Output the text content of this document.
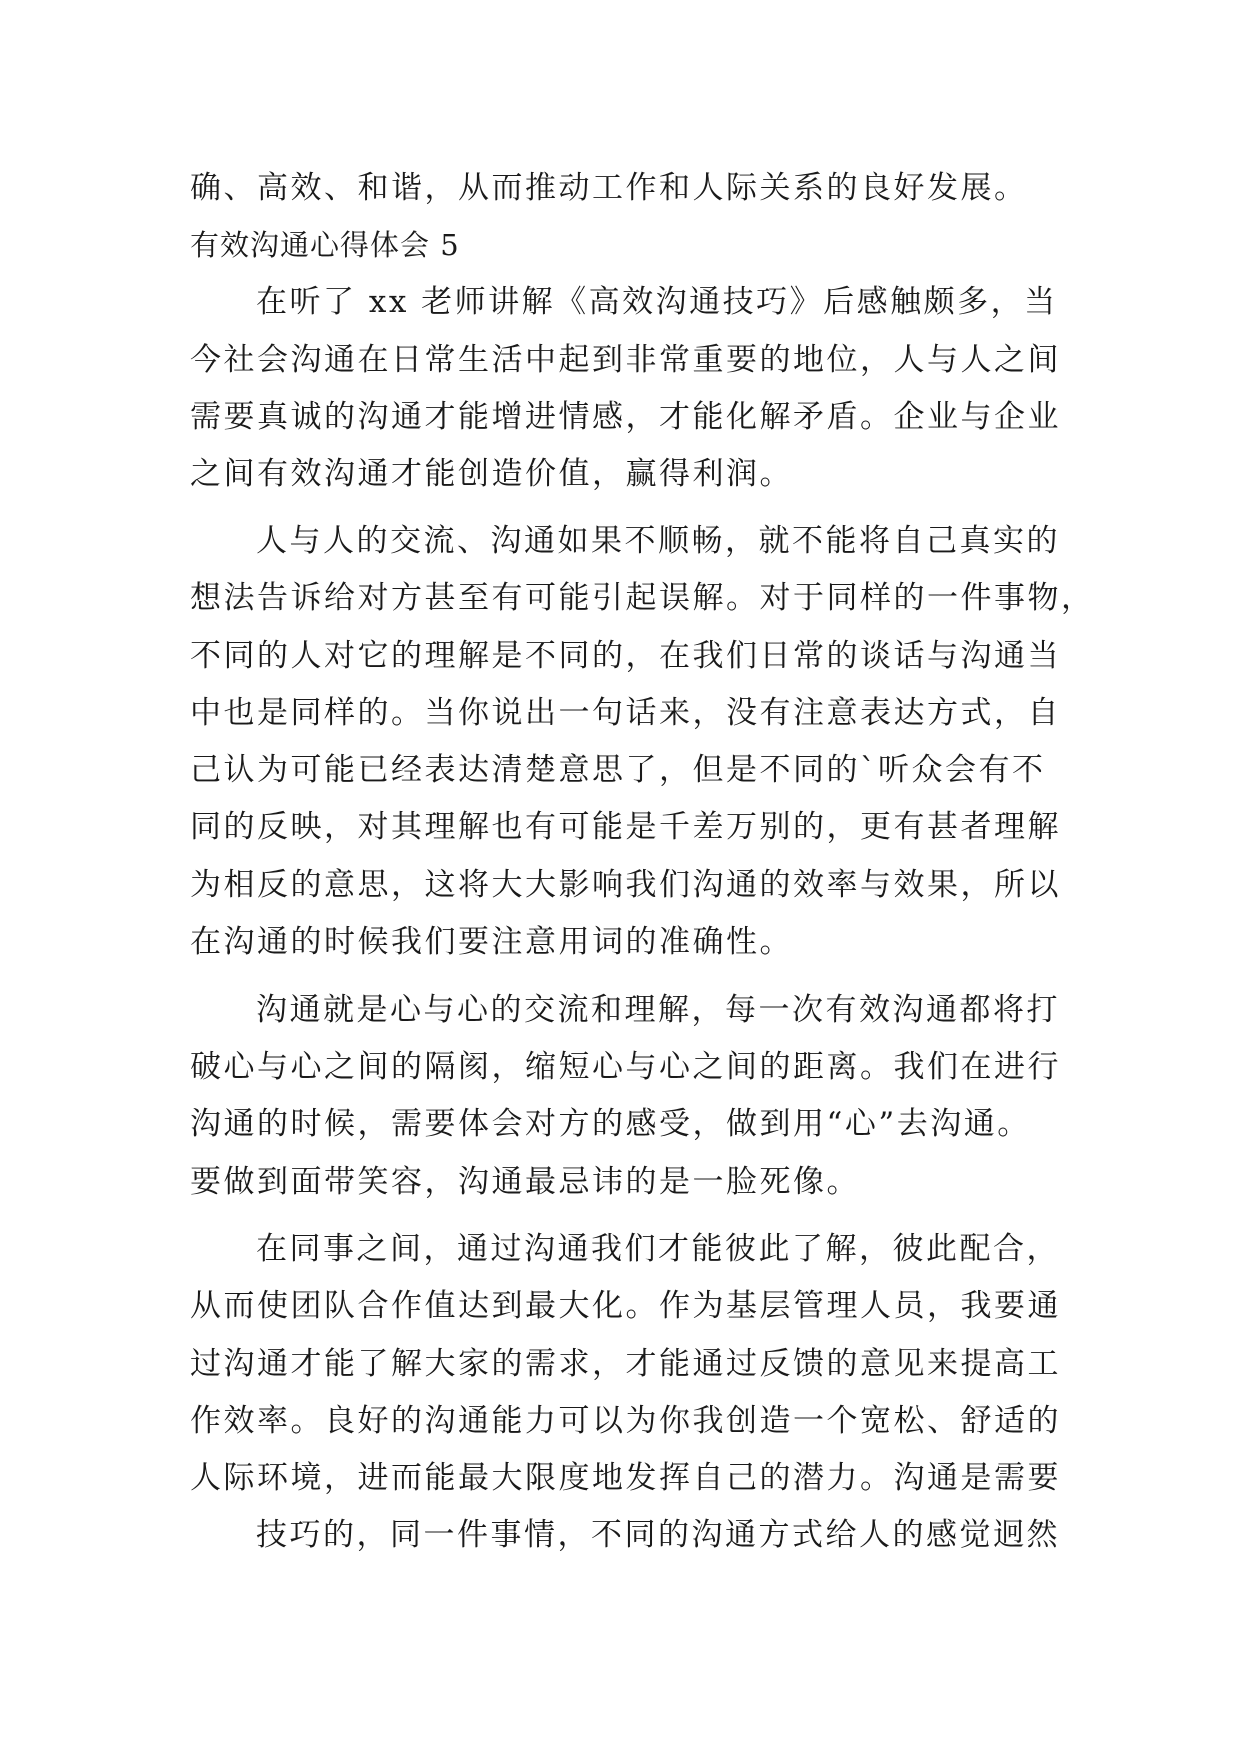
确、高效、和谐，从而推动工作和人际关系的良好发展。
有效沟通心得体会 5
在听了 xx 老师讲解《高效沟通技巧》后感触颇多，当
今社会沟通在日常生活中起到非常重要的地位，人与人之间
需要真诚的沟通才能增进情感，才能化解矛盾。企业与企业
之间有效沟通才能创造价值，赢得利润。
人与人的交流、沟通如果不顺畅，就不能将自己真实的
想法告诉给对方甚至有可能引起误解。对于同样的一件事物，
不同的人对它的理解是不同的，在我们日常的谈话与沟通当
中也是同样的。当你说出一句话来，没有注意表达方式，自
己认为可能已经表达清楚意思了，但是不同的`听众会有不
同的反映，对其理解也有可能是千差万别的，更有甚者理解
为相反的意思，这将大大影响我们沟通的效率与效果，所以
在沟通的时候我们要注意用词的准确性。
沟通就是心与心的交流和理解，每一次有效沟通都将打
破心与心之间的隔阂，缩短心与心之间的距离。我们在进行
沟通的时候，需要体会对方的感受，做到用“心”去沟通。
要做到面带笑容，沟通最忌讳的是一脸死像。
在同事之间，通过沟通我们才能彼此了解，彼此配合，
从而使团队合作值达到最大化。作为基层管理人员，我要通
过沟通才能了解大家的需求，才能通过反馈的意见来提高工
作效率。良好的沟通能力可以为你我创造一个宽松、舒适的
人际环境，进而能最大限度地发挥自己的潜力。沟通是需要
技巧的，同一件事情，不同的沟通方式给人的感觉迥然
